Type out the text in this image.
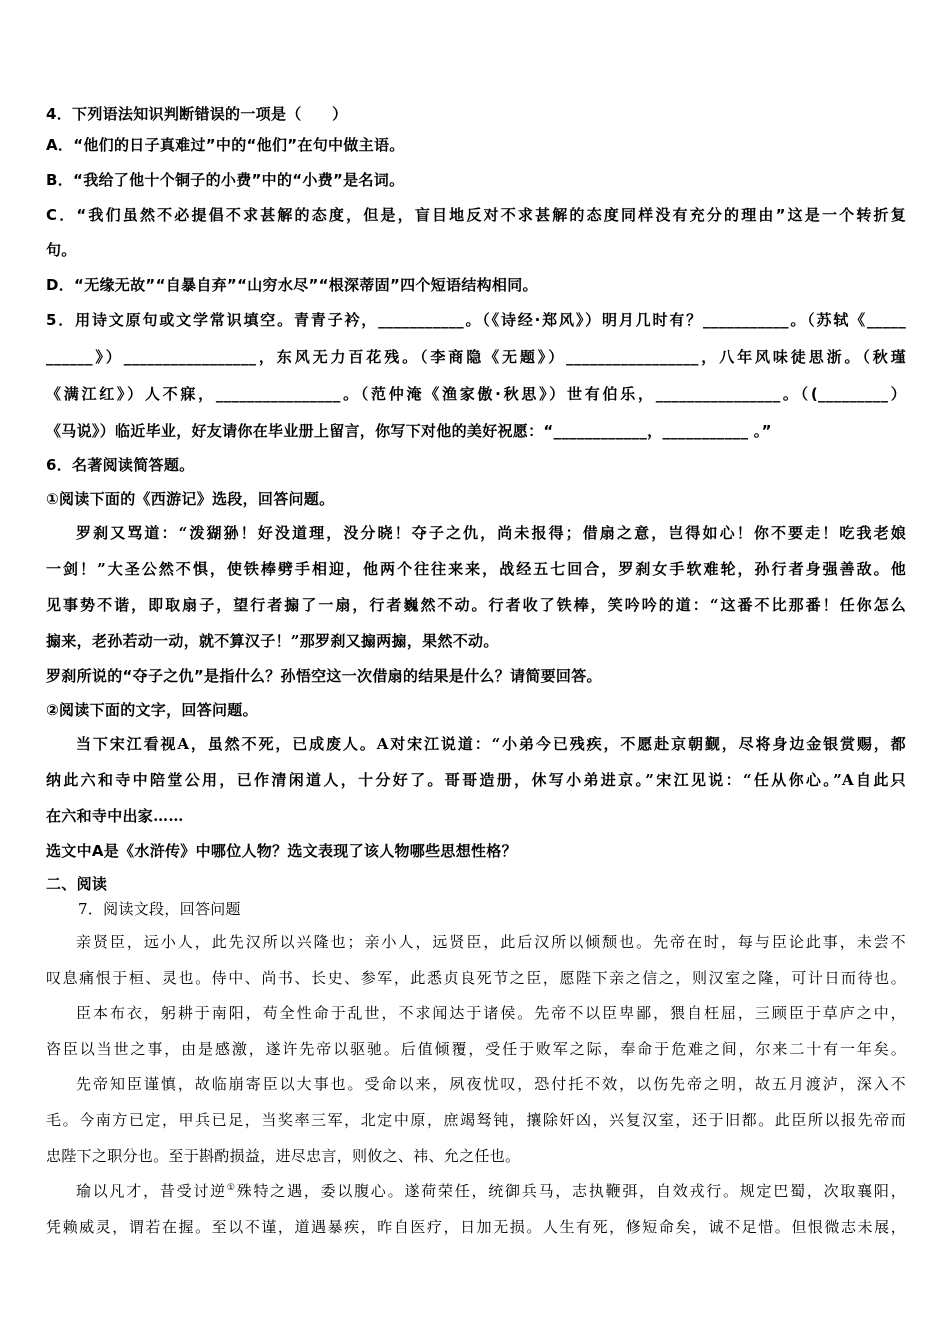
4．下列语法知识判断错误的一项是（　　）
A．“他们的日子真难过”中的“他们”在句中做主语。
B．“我给了他十个铜子的小费”中的“小费”是名词。
C．“我们虽然不必提倡不求甚解的态度，但是，盲目地反对不求甚解的态度同样没有充分的理由”这是一个转折复
句。
D．“无缘无故”“自暴自弃”“山穷水尽”“根深蒂固”四个短语结构相同。
5．用诗文原句或文学常识填空。青青子衿，___________。（《诗经·郑风》）明月几时有？___________。（苏轼《_____
______》）_________________，东风无力百花残。（李商隐《无题》）_________________，八年风味徒思浙。（秋瑾
《满江红》）人不寐，________________。（范仲淹《渔家傲·秋思》）世有伯乐，________________。（(_________）
《马说》）临近毕业，好友请你在毕业册上留言，你写下对他的美好祝愿：“____________，___________ 。”
6．名著阅读简答题。
①阅读下面的《西游记》选段，回答问题。
罗刹又骂道：“泼猢狲！好没道理，没分晓！夺子之仇，尚未报得；借扇之意，岂得如心！你不要走！吃我老娘
一剑！”大圣公然不惧，使铁棒劈手相迎，他两个往往来来，战经五七回合，罗刹女手软难轮，孙行者身强善敌。他
见事势不谐，即取扇子，望行者搧了一扇，行者巍然不动。行者收了铁棒，笑吟吟的道：“这番不比那番！任你怎么
搧来，老孙若动一动，就不算汉子！”那罗刹又搧两搧，果然不动。
罗刹所说的“夺子之仇”是指什么？孙悟空这一次借扇的结果是什么？请简要回答。
②阅读下面的文字，回答问题。
当下宋江看视A，虽然不死，已成废人。A对宋江说道：“小弟今已残疾，不愿赴京朝觐，尽将身边金银赏赐，都
纳此六和寺中陪堂公用，已作清闲道人，十分好了。哥哥造册，休写小弟进京。”宋江见说：“任从你心。”A自此只
在六和寺中出家……
选文中A是《水浒传》中哪位人物？选文表现了该人物哪些思想性格？
二、阅读
7．阅读文段，回答问题
亲贤臣，远小人，此先汉所以兴隆也；亲小人，远贤臣，此后汉所以倾颓也。先帝在时，每与臣论此事，未尝不
叹息痛恨于桓、灵也。侍中、尚书、长史、参军，此悉贞良死节之臣，愿陛下亲之信之，则汉室之隆，可计日而待也。
臣本布衣，躬耕于南阳，苟全性命于乱世，不求闻达于诸侯。先帝不以臣卑鄙，猥自枉屈，三顾臣于草庐之中，
咨臣以当世之事，由是感激，遂许先帝以驱驰。后值倾覆，受任于败军之际，奉命于危难之间，尔来二十有一年矣。
先帝知臣谨慎，故临崩寄臣以大事也。受命以来，夙夜忧叹，恐付托不效，以伤先帝之明，故五月渡泸，深入不
毛。今南方已定，甲兵已足，当奖率三军，北定中原，庶竭驽钝，攘除奸凶，兴复汉室，还于旧都。此臣所以报先帝而
忠陛下之职分也。至于斟酌损益，进尽忠言，则攸之、祎、允之任也。
瑜以凡才，昔受讨逆①殊特之遇，委以腹心。遂荷荣任，统御兵马，志执鞭弭，自效戎行。规定巴蜀，次取襄阳，
凭赖威灵，谓若在握。至以不谨，道遇暴疾，昨自医疗，日加无损。人生有死，修短命矣，诚不足惜。但恨微志未展，
